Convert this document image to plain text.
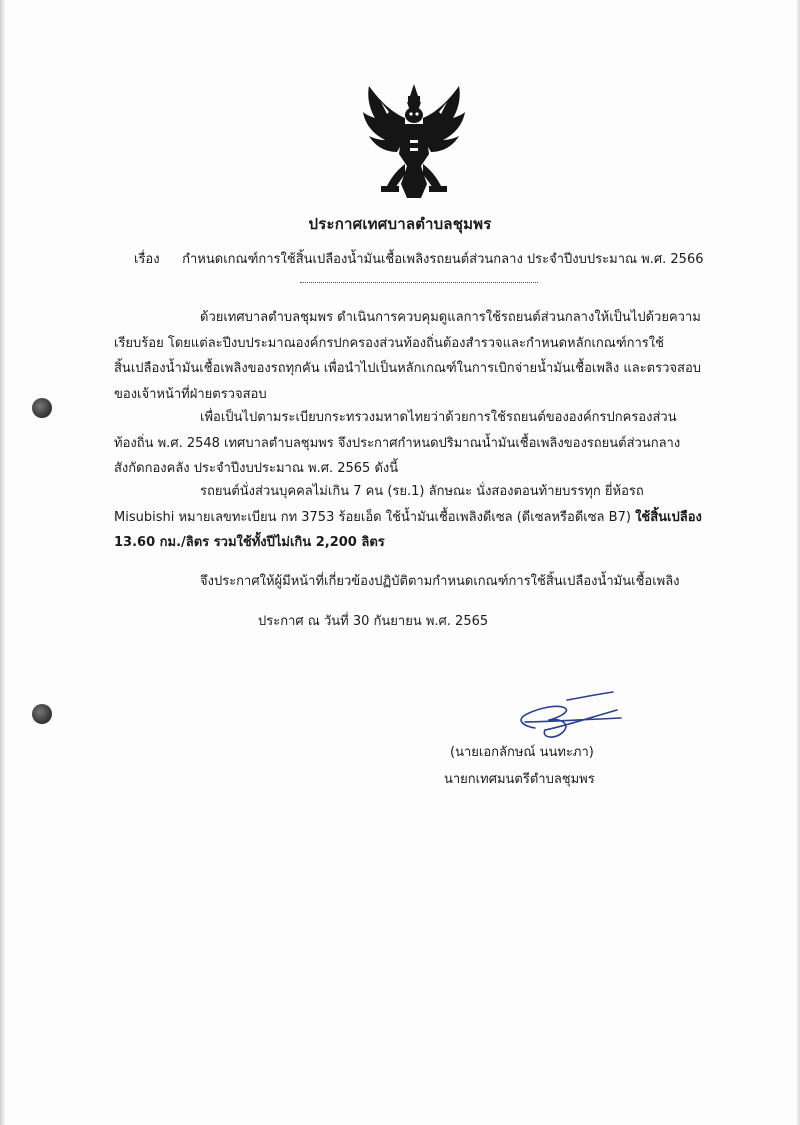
ประกาศเทศบาลตำบลชุมพร
เรื่อง กำหนดเกณฑ์การใช้สิ้นเปลืองน้ำมันเชื้อเพลิงรถยนต์ส่วนกลาง ประจำปีงบประมาณ พ.ศ. 2566
ด้วยเทศบาลตำบลชุมพร ดำเนินการควบคุมดูแลการใช้รถยนต์ส่วนกลางให้เป็นไปด้วยความ
เรียบร้อย โดยแต่ละปีงบประมาณองค์กรปกครองส่วนท้องถิ่นต้องสำรวจและกำหนดหลักเกณฑ์การใช้
สิ้นเปลืองน้ำมันเชื้อเพลิงของรถทุกคัน เพื่อนำไปเป็นหลักเกณฑ์ในการเบิกจ่ายน้ำมันเชื้อเพลิง และตรวจสอบ
ของเจ้าหน้าที่ฝ่ายตรวจสอบ
เพื่อเป็นไปตามระเบียบกระทรวงมหาดไทยว่าด้วยการใช้รถยนต์ขององค์กรปกครองส่วน
ท้องถิ่น พ.ศ. 2548 เทศบาลตำบลชุมพร จึงประกาศกำหนดปริมาณน้ำมันเชื้อเพลิงของรถยนต์ส่วนกลาง
สังกัดกองคลัง ประจำปีงบประมาณ พ.ศ. 2565 ดังนี้
รถยนต์นั่งส่วนบุคคลไม่เกิน 7 คน (รย.1) ลักษณะ นั่งสองตอนท้ายบรรทุก ยี่ห้อรถ
Misubishi หมายเลขทะเบียน กท 3753 ร้อยเอ็ด ใช้น้ำมันเชื้อเพลิงดีเซล (ดีเซลหรือดีเซล B7) ใช้สิ้นเปลือง
13.60 กม./ลิตร รวมใช้ทั้งปีไม่เกิน 2,200 ลิตร
จึงประกาศให้ผู้มีหน้าที่เกี่ยวข้องปฏิบัติตามกำหนดเกณฑ์การใช้สิ้นเปลืองน้ำมันเชื้อเพลิง
ประกาศ ณ วันที่ 30 กันยายน พ.ศ. 2565
(นายเอกลักษณ์ นนทะภา)
นายกเทศมนตรีตำบลชุมพร
